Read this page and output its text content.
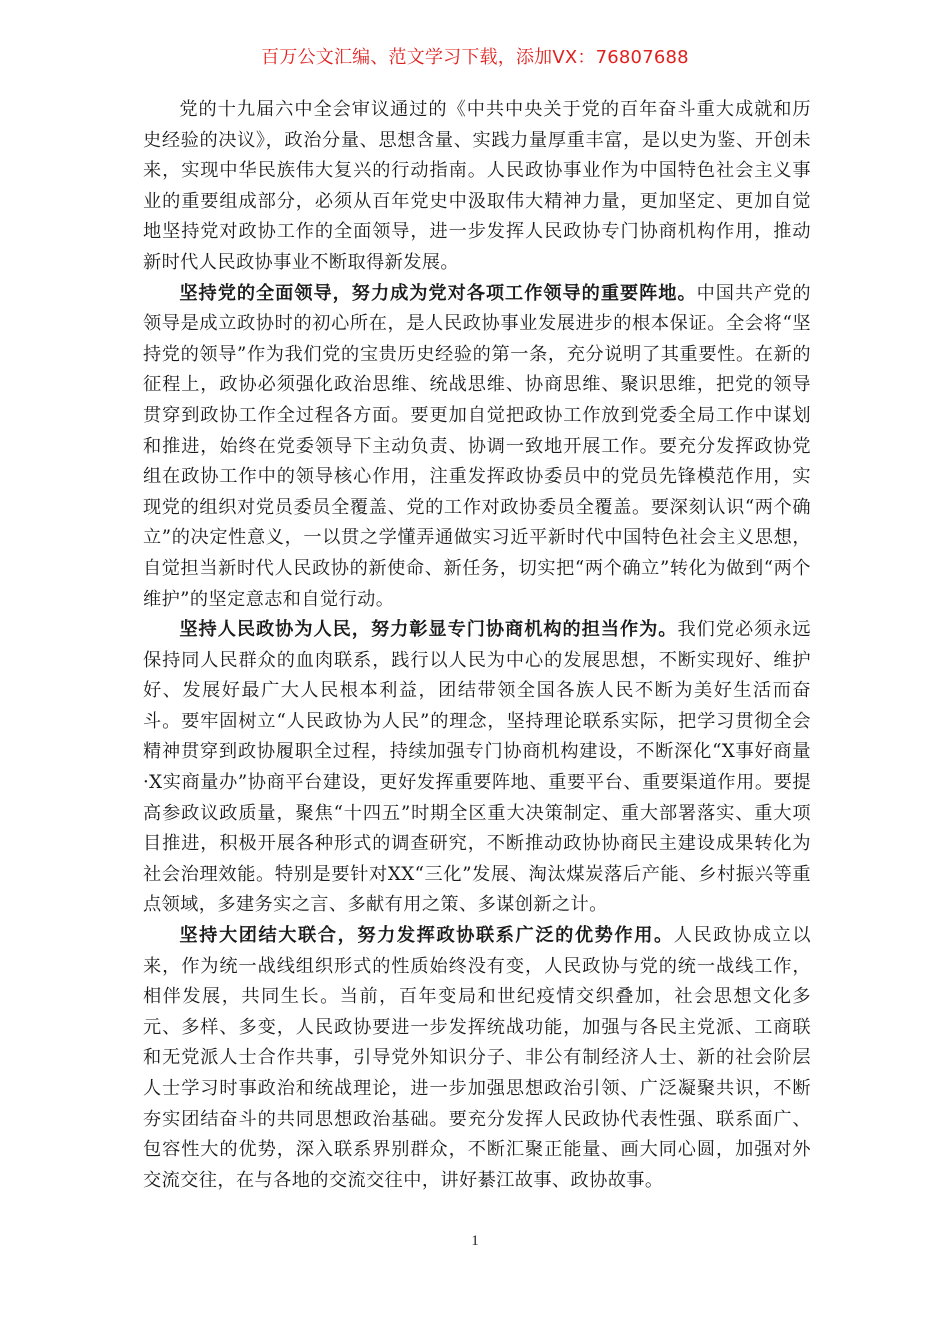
百万公文汇编、范文学习下载，添加VX：76807688

党的十九届六中全会审议通过的《中共中央关于党的百年奋斗重大成就和历史经验的决议》，政治分量、思想含量、实践力量厚重丰富，是以史为鉴、开创未来，实现中华民族伟大复兴的行动指南。人民政协事业作为中国特色社会主义事业的重要组成部分，必须从百年党史中汲取伟大精神力量，更加坚定、更加自觉地坚持党对政协工作的全面领导，进一步发挥人民政协专门协商机构作用，推动新时代人民政协事业不断取得新发展。

坚持党的全面领导，努力成为党对各项工作领导的重要阵地。中国共产党的领导是成立政协时的初心所在，是人民政协事业发展进步的根本保证。全会将“坚持党的领导”作为我们党的宝贵历史经验的第一条，充分说明了其重要性。在新的征程上，政协必须强化政治思维、统战思维、协商思维、聚识思维，把党的领导贯穿到政协工作全过程各方面。要更加自觉把政协工作放到党委全局工作中谋划和推进，始终在党委领导下主动负责、协调一致地开展工作。要充分发挥政协党组在政协工作中的领导核心作用，注重发挥政协委员中的党员先锋模范作用，实现党的组织对党员委员全覆盖、党的工作对政协委员全覆盖。要深刻认识“两个确立”的决定性意义，一以贯之学懂弄通做实习近平新时代中国特色社会主义思想，自觉担当新时代人民政协的新使命、新任务，切实把“两个确立”转化为做到“两个维护”的坚定意志和自觉行动。

坚持人民政协为人民，努力彰显专门协商机构的担当作为。我们党必须永远保持同人民群众的血肉联系，践行以人民为中心的发展思想，不断实现好、维护好、发展好最广大人民根本利益，团结带领全国各族人民不断为美好生活而奋斗。要牢固树立“人民政协为人民”的理念，坚持理论联系实际，把学习贯彻全会精神贯穿到政协履职全过程，持续加强专门协商机构建设，不断深化“X事好商量·X实商量办”协商平台建设，更好发挥重要阵地、重要平台、重要渠道作用。要提高参政议政质量，聚焦“十四五”时期全区重大决策制定、重大部署落实、重大项目推进，积极开展各种形式的调查研究，不断推动政协协商民主建设成果转化为社会治理效能。特别是要针对XX“三化”发展、淘汰煤炭落后产能、乡村振兴等重点领域，多建务实之言、多献有用之策、多谋创新之计。

坚持大团结大联合，努力发挥政协联系广泛的优势作用。人民政协成立以来，作为统一战线组织形式的性质始终没有变，人民政协与党的统一战线工作，相伴发展，共同生长。当前，百年变局和世纪疫情交织叠加，社会思想文化多元、多样、多变，人民政协要进一步发挥统战功能，加强与各民主党派、工商联和无党派人士合作共事，引导党外知识分子、非公有制经济人士、新的社会阶层人士学习时事政治和统战理论，进一步加强思想政治引领、广泛凝聚共识，不断夯实团结奋斗的共同思想政治基础。要充分发挥人民政协代表性强、联系面广、包容性大的优势，深入联系界别群众，不断汇聚正能量、画大同心圆，加强对外交流交往，在与各地的交流交往中，讲好綦江故事、政协故事。

1
